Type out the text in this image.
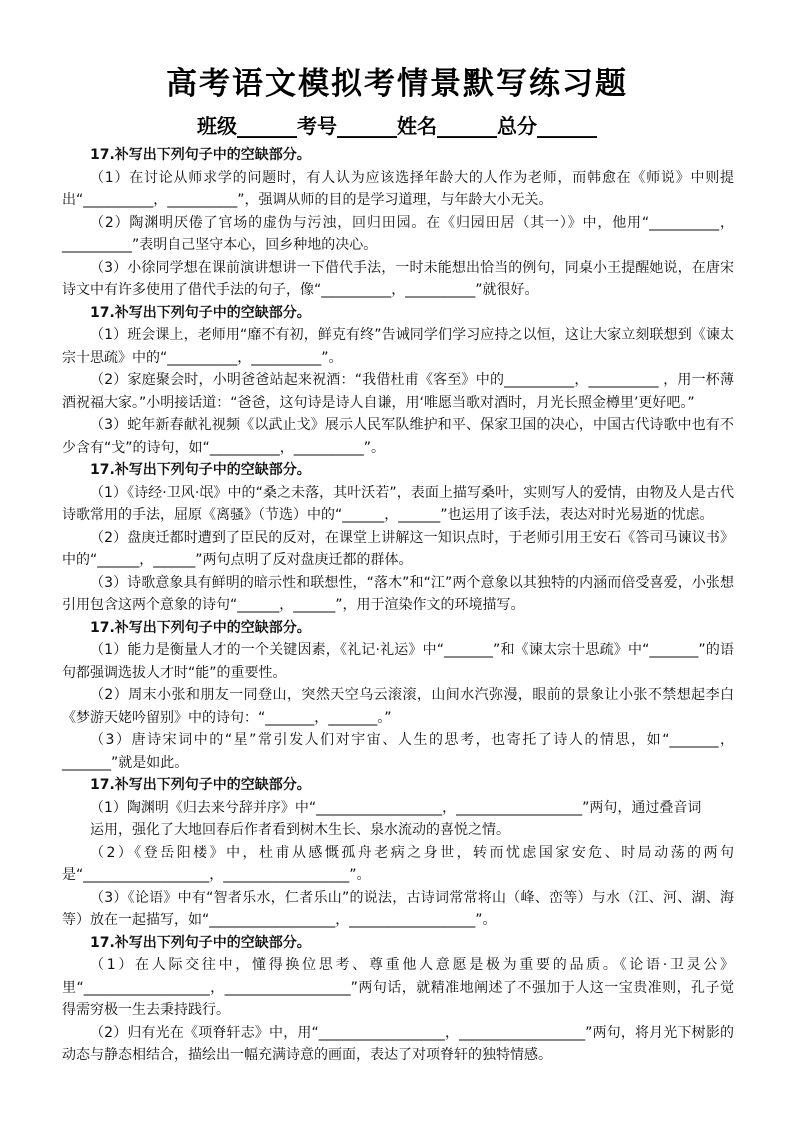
高考语文模拟考情景默写练习题
班级______考号______姓名______总分______

17.补写出下列句子中的空缺部分。

（1）在讨论从师求学的问题时，有人认为应该选择年龄大的人作为老师，而韩愈在《师说》中则提出“__________，__________”，强调从师的目的是学习道理，与年龄大小无关。

（2）陶渊明厌倦了官场的虚伪与污浊，回归田园。在《归园田居（其一）》中，他用“__________，__________”表明自己坚守本心，回乡种地的决心。

（3）小徐同学想在课前演讲想讲一下借代手法，一时未能想出恰当的例句，同桌小王提醒她说，在唐宋诗文中有许多使用了借代手法的句子，像“__________，__________”就很好。

17.补写出下列句子中的空缺部分。

（1）班会课上，老师用“靡不有初，鲜克有终”告诫同学们学习应持之以恒，这让大家立刻联想到《谏太宗十思疏》中的“__________，__________”。

（2）家庭聚会时，小明爸爸站起来祝酒：“我借杜甫《客至》中的__________，__________ ，用一杯薄酒祝福大家。”小明接话道：“爸爸，这句诗是诗人自谦，用‘唯愿当歌对酒时，月光长照金樽里’更好吧。”

（3）蛇年新春献礼视频《以武止戈》展示人民军队维护和平、保家卫国的决心，中国古代诗歌中也有不少含有“戈”的诗句，如“__________，__________”。

17.补写出下列句子中的空缺部分。

（1）《诗经·卫风·氓》中的“桑之未落，其叶沃若”，表面上描写桑叶，实则写人的爱情，由物及人是古代诗歌常用的手法，屈原《离骚》（节选）中的“______，______”也运用了该手法，表达对时光易逝的忧虑。

（2）盘庚迁都时遭到了臣民的反对，在课堂上讲解这一知识点时，于老师引用王安石《答司马谏议书》中的“______，______”两句点明了反对盘庚迁都的群体。

（3）诗歌意象具有鲜明的暗示性和联想性，“落木”和“江”两个意象以其独特的内涵而倍受喜爱，小张想引用包含这两个意象的诗句“______，______”，用于渲染作文的环境描写。

17.补写出下列句子中的空缺部分。

（1）能力是衡量人才的一个关键因素，《礼记·礼运》中“_______”和《谏太宗十思疏》中“_______”的语句都强调选拔人才时“能”的重要性。

（2）周末小张和朋友一同登山，突然天空乌云滚滚，山间水汽弥漫，眼前的景象让小张不禁想起李白《梦游天姥吟留别》中的诗句：“_______，_______。”

（3）唐诗宋词中的“星”常引发人们对宇宙、人生的思考，也寄托了诗人的情思，如“_______，_______”就是如此。

17.补写出下列句子中的空缺部分。

（1）陶渊明《归去来兮辞并序》中“__________________，__________________”两句，通过叠音词

运用，强化了大地回春后作者看到树木生长、泉水流动的喜悦之情。

（2）《登岳阳楼》中，杜甫从感慨孤舟老病之身世，转而忧虑国家安危、时局动荡的两句是“__________________，__________________”。

（3）《论语》中有“智者乐水，仁者乐山”的说法，古诗词常常将山（峰、峦等）与水（江、河、湖、海等）放在一起描写，如“__________________，__________________”。

17.补写出下列句子中的空缺部分。

（1）在人际交往中，懂得换位思考、尊重他人意愿是极为重要的品质。《论语·卫灵公》里“__________________，__________________”两句话，就精准地阐述了不强加于人这一宝贵准则，孔子觉得需穷极一生去秉持践行。

（2）归有光在《项脊轩志》中，用“__________________，__________________”两句，将月光下树影的动态与静态相结合，描绘出一幅充满诗意的画面，表达了对项脊轩的独特情感。
